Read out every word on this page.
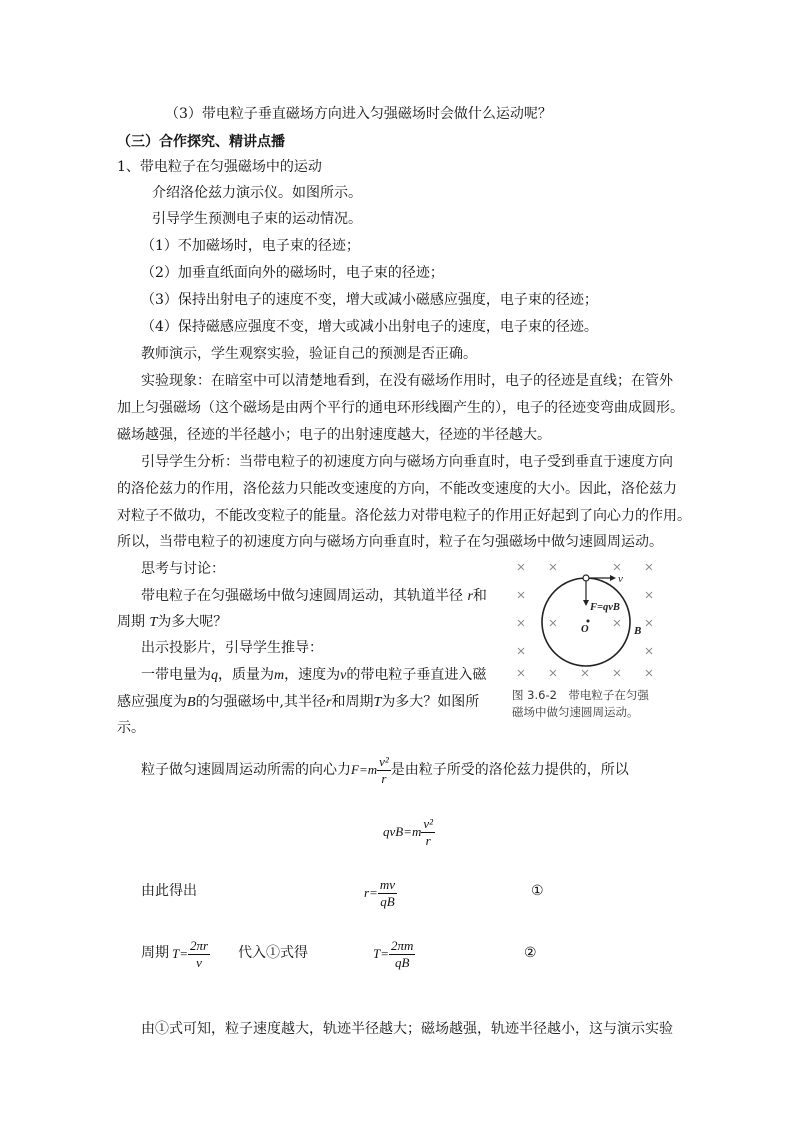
（3）带电粒子垂直磁场方向进入匀强磁场时会做什么运动呢？
（三）合作探究、精讲点播
1、带电粒子在匀强磁场中的运动
介绍洛伦兹力演示仪。如图所示。
引导学生预测电子束的运动情况。
（1）不加磁场时，电子束的径迹；
（2）加垂直纸面向外的磁场时，电子束的径迹；
（3）保持出射电子的速度不变，增大或减小磁感应强度，电子束的径迹；
（4）保持磁感应强度不变，增大或减小出射电子的速度，电子束的径迹。
教师演示，学生观察实验，验证自己的预测是否正确。
实验现象：在暗室中可以清楚地看到，在没有磁场作用时，电子的径迹是直线；在管外
加上匀强磁场（这个磁场是由两个平行的通电环形线圈产生的），电子的径迹变弯曲成圆形。
磁场越强，径迹的半径越小；电子的出射速度越大，径迹的半径越大。
引导学生分析：当带电粒子的初速度方向与磁场方向垂直时，电子受到垂直于速度方向
的洛伦兹力的作用，洛伦兹力只能改变速度的方向，不能改变速度的大小。因此，洛伦兹力
对粒子不做功，不能改变粒子的能量。洛伦兹力对带电粒子的作用正好起到了向心力的作用。
所以，当带电粒子的初速度方向与磁场方向垂直时，粒子在匀强磁场中做匀速圆周运动。
思考与讨论：
带电粒子在匀强磁场中做匀速圆周运动，其轨道半径 r和
周期 T为多大呢？
出示投影片，引导学生推导：
一带电量为q，质量为m，速度为v的带电粒子垂直进入磁
感应强度为B的匀强磁场中,其半径r和周期T为多大？如图所
示。
v
F=qvB
O	B
图 3.6-2　带电粒子在匀强
磁场中做匀速圆周运动。
粒子做匀速圆周运动所需的向心力 $F=m \frac{\text{v²}}{r}$ 是由粒子所受的洛伦兹力提供的，所以
$qvB=m \frac{\text{v²}}{r}$
由此得出	$r= \frac{mv}{qB}$	①
周期 $T= \frac{2\pi r}{v}$ 代入①式得	$T= \frac{2\pi m}{qB}$	②
由①式可知，粒子速度越大，轨迹半径越大；磁场越强，轨迹半径越小，这与演示实验
